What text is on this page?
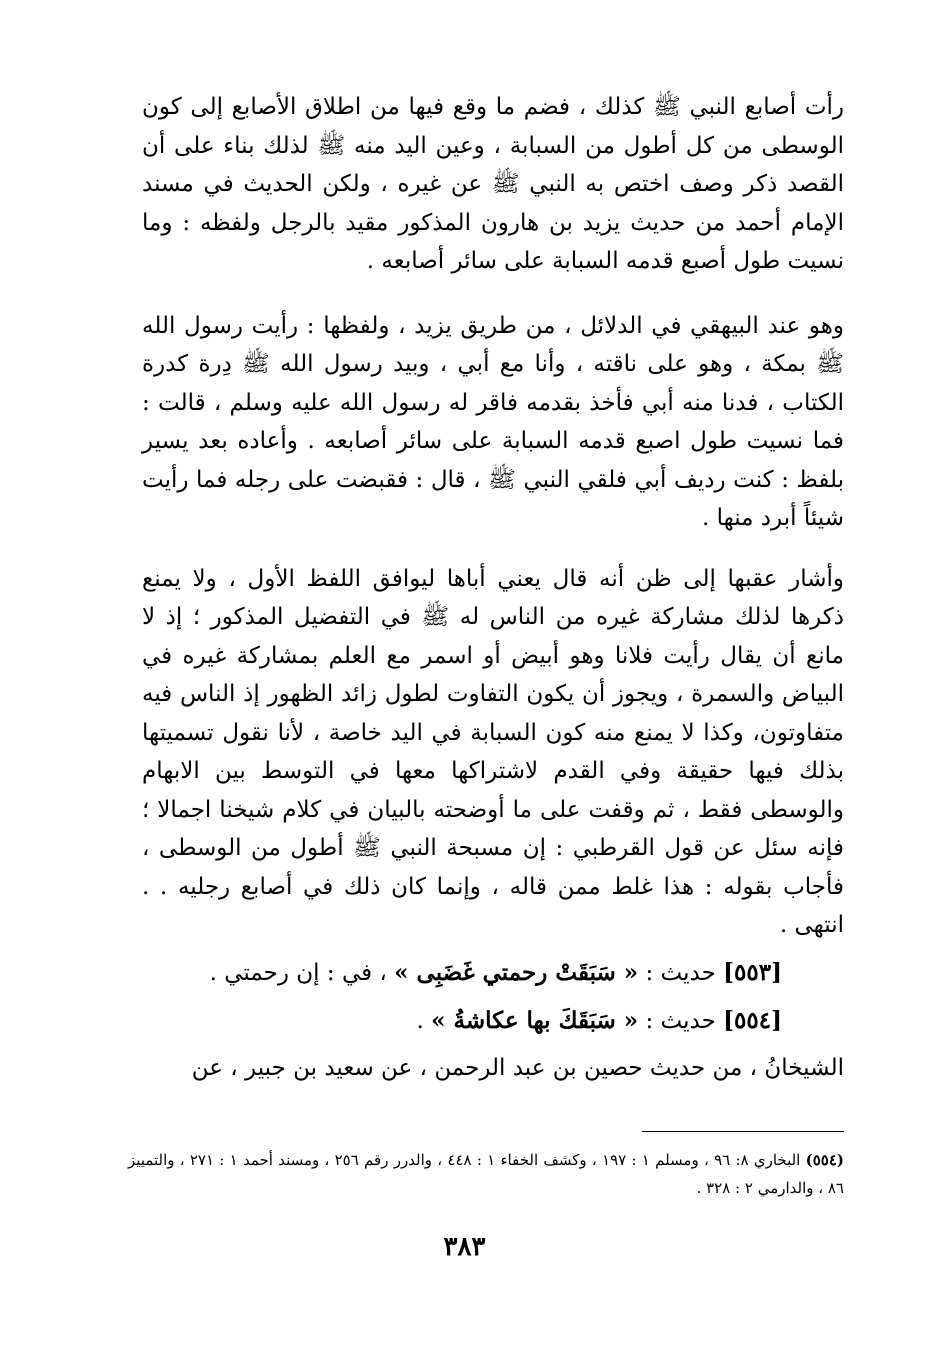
رأت أصابع النبي ﷺ كذلك ، فضم ما وقع فيها من اطلاق الأصابع إلى كون الوسطى من كل أطول من السبابة ، وعين اليد منه ﷺ لذلك بناء على أن القصد ذكر وصف اختص به النبي ﷺ عن غيره ، ولكن الحديث في مسند الإمام أحمد من حديث يزيد بن هارون المذكور مقيد بالرجل ولفظه : وما نسيت طول أصبع قدمه السبابة على سائر أصابعه .

وهو عند البيهقي في الدلائل ، من طريق يزيد ، ولفظها : رأيت رسول الله ﷺ بمكة ، وهو على ناقته ، وأنا مع أبي ، وبيد رسول الله ﷺ دِرة كدرة الكتاب ، فدنا منه أبي فأخذ بقدمه فاقر له رسول الله عليه وسلم ، قالت : فما نسيت طول اصبع قدمه السبابة على سائر أصابعه . وأعاده بعد يسير بلفظ : كنت رديف أبي فلقي النبي ﷺ ، قال : فقبضت على رجله فما رأيت شيئاً أبرد منها .

وأشار عقبها إلى ظن أنه قال يعني أباها ليوافق اللفظ الأول ، ولا يمنع ذكرها لذلك مشاركة غيره من الناس له ﷺ في التفضيل المذكور ؛ إذ لا مانع أن يقال رأيت فلانا وهو أبيض أو اسمر مع العلم بمشاركة غيره في البياض والسمرة ، ويجوز أن يكون التفاوت لطول زائد الظهور إذ الناس فيه متفاوتون، وكذا لا يمنع منه كون السبابة في اليد خاصة ، لأنا نقول تسميتها بذلك فيها حقيقة وفي القدم لاشتراكها معها في التوسط بين الابهام والوسطى فقط ، ثم وقفت على ما أوضحته بالبيان في كلام شيخنا اجمالا ؛ فإنه سئل عن قول القرطبي : إن مسبحة النبي ﷺ أطول من الوسطى ، فأجاب بقوله : هذا غلط ممن قاله ، وإنما كان ذلك في أصابع رجليه . . انتهى .

[٥٥٣] حديث : « سَبَقَتْ رحمتي غَضَبِى » ، في : إن رحمتي .
[٥٥٤] حديث : « سَبَقَكَ بها عكاشةُ » .

الشيخانُ ، من حديث حصين بن عبد الرحمن ، عن سعيد بن جبير ، عن

(٥٥٤) البخاري ٨: ٩٦ ، ومسلم ١ : ١٩٧ ، وكشف الخفاء ١ : ٤٤٨ ، والدرر رقم ٢٥٦ ، ومسند أحمد ١ : ٢٧١ ، والتمييز ٨٦ ، والدارمي ٢ : ٣٢٨ .
٣٨٣
